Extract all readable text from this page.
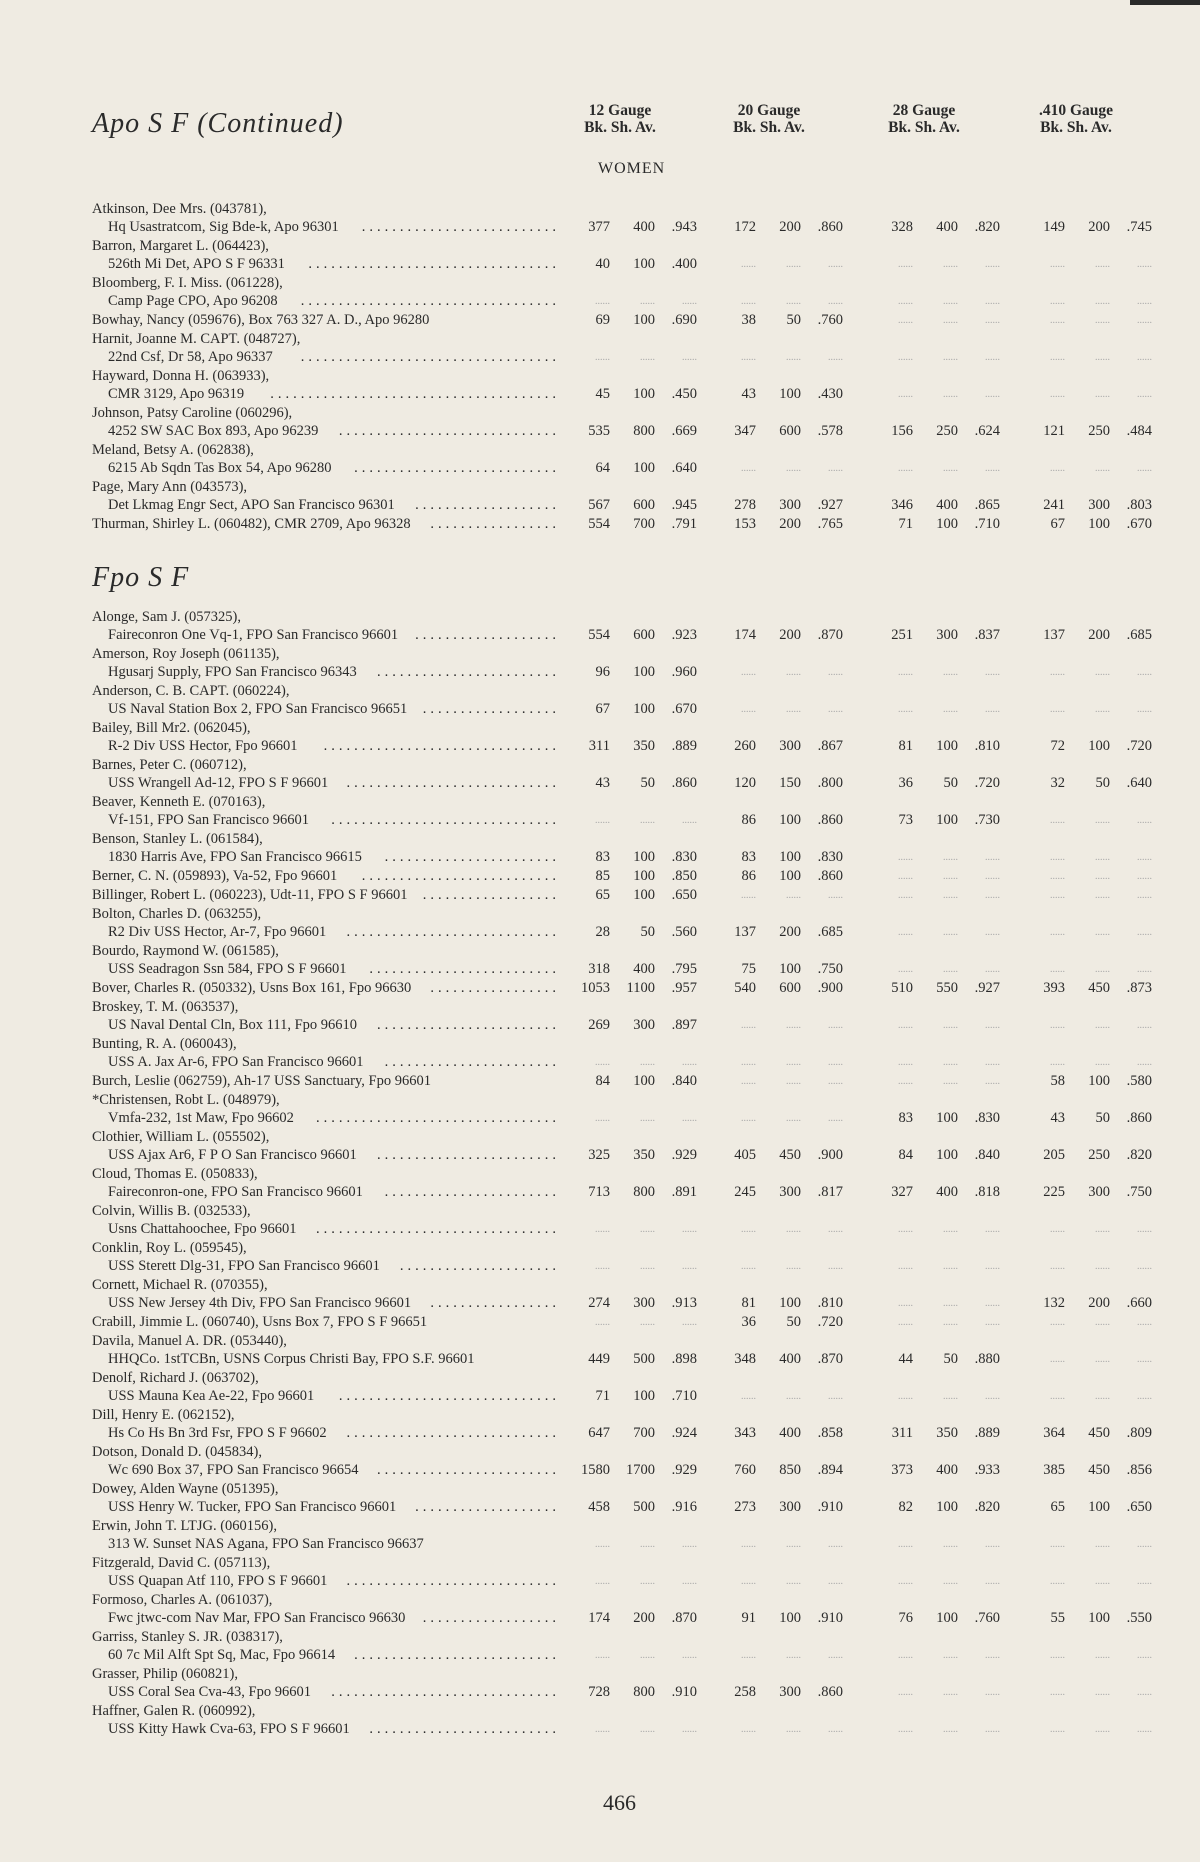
Apo S F (Continued)	12 Gauge
Bk. Sh. Av.
20 Gauge
Bk. Sh. Av.
28 Gauge
Bk. Sh. Av.
.410 Gauge
Bk. Sh. Av.
WOMEN
Atkinson, Dee Mrs. (043781),
Hq Usastratcom, Sig Bde-k, Apo 96301 ..........................	377	400	.943	172	200	.860	328	400	.820	149	200	.745
Barron, Margaret L. (064423),
526th Mi Det, APO S F 96331 .................................	40	100	.400	......	......	......	......	......	......	......	......	......
Bloomberg, F. I. Miss. (061228),
Camp Page CPO, Apo 96208 ..................................	......	......	......	......	......	......	......	......	......	......	......	......
Bowhay, Nancy (059676), Box 763 327 A. D., Apo 96280	69	100	.690	38	50	.760	......	......	......	......	......	......
Harnit, Joanne M. CAPT. (048727),
22nd Csf, Dr 58, Apo 96337 ..................................	......	......	......	......	......	......	......	......	......	......	......	......
Hayward, Donna H. (063933),
CMR 3129, Apo 96319 ......................................	45	100	.450	43	100	.430	......	......	......	......	......	......
Johnson, Patsy Caroline (060296),
4252 SW SAC Box 893, Apo 96239 .............................	535	800	.669	347	600	.578	156	250	.624	121	250	.484
Meland, Betsy A. (062838),
6215 Ab Sqdn Tas Box 54, Apo 96280 ...........................	64	100	.640	......	......	......	......	......	......	......	......	......
Page, Mary Ann (043573),
Det Lkmag Engr Sect, APO San Francisco 96301 ...................	567	600	.945	278	300	.927	346	400	.865	241	300	.803
Thurman, Shirley L. (060482), CMR 2709, Apo 96328 .................	554	700	.791	153	200	.765	71	100	.710	67	100	.670
Fpo S F
Alonge, Sam J. (057325),
Faireconron One Vq-1, FPO San Francisco 96601 ...................	554	600	.923	174	200	.870	251	300	.837	137	200	.685
Amerson, Roy Joseph (061135),
Hgusarj Supply, FPO San Francisco 96343 ........................	96	100	.960	......	......	......	......	......	......	......	......	......
Anderson, C. B. CAPT. (060224),
US Naval Station Box 2, FPO San Francisco 96651 ..................	67	100	.670	......	......	......	......	......	......	......	......	......
Bailey, Bill Mr2. (062045),
R-2 Div USS Hector, Fpo 96601 ...............................	311	350	.889	260	300	.867	81	100	.810	72	100	.720
Barnes, Peter C. (060712),
USS Wrangell Ad-12, FPO S F 96601 ............................	43	50	.860	120	150	.800	36	50	.720	32	50	.640
Beaver, Kenneth E. (070163),
Vf-151, FPO San Francisco 96601 ..............................	......	......	......	86	100	.860	73	100	.730	......	......	......
Benson, Stanley L. (061584),
1830 Harris Ave, FPO San Francisco 96615 .......................	83	100	.830	83	100	.830	......	......	......	......	......	......
Berner, C. N. (059893), Va-52, Fpo 96601 ..........................	85	100	.850	86	100	.860	......	......	......	......	......	......
Billinger, Robert L. (060223), Udt-11, FPO S F 96601 ..................	65	100	.650	......	......	......	......	......	......	......	......	......
Bolton, Charles D. (063255),
R2 Div USS Hector, Ar-7, Fpo 96601 ............................	28	50	.560	137	200	.685	......	......	......	......	......	......
Bourdo, Raymond W. (061585),
USS Seadragon Ssn 584, FPO S F 96601 .........................	318	400	.795	75	100	.750	......	......	......	......	......	......
Bover, Charles R. (050332), Usns Box 161, Fpo 96630 .................	1053	1100	.957	540	600	.900	510	550	.927	393	450	.873
Broskey, T. M. (063537),
US Naval Dental Cln, Box 111, Fpo 96610 ........................	269	300	.897	......	......	......	......	......	......	......	......	......
Bunting, R. A. (060043),
USS A. Jax Ar-6, FPO San Francisco 96601 .......................	......	......	......	......	......	......	......	......	......	......	......	......
Burch, Leslie (062759), Ah-17 USS Sanctuary, Fpo 96601	84	100	.840	......	......	......	......	......	......	58	100	.580
*Christensen, Robt L. (048979),
Vmfa-232, 1st Maw, Fpo 96602 ................................	......	......	......	......	......	......	83	100	.830	43	50	.860
Clothier, William L. (055502),
USS Ajax Ar6, F P O San Francisco 96601 ........................	325	350	.929	405	450	.900	84	100	.840	205	250	.820
Cloud, Thomas E. (050833),
Faireconron-one, FPO San Francisco 96601 .......................	713	800	.891	245	300	.817	327	400	.818	225	300	.750
Colvin, Willis B. (032533),
Usns Chattahoochee, Fpo 96601 ................................	......	......	......	......	......	......	......	......	......	......	......	......
Conklin, Roy L. (059545),
USS Sterett Dlg-31, FPO San Francisco 96601 .....................	......	......	......	......	......	......	......	......	......	......	......	......
Cornett, Michael R. (070355),
USS New Jersey 4th Div, FPO San Francisco 96601 .................	274	300	.913	81	100	.810	......	......	......	132	200	.660
Crabill, Jimmie L. (060740), Usns Box 7, FPO S F 96651	......	......	......	36	50	.720	......	......	......	......	......	......
Davila, Manuel A. DR. (053440),
HHQCo. 1stTCBn, USNS Corpus Christi Bay, FPO S.F. 96601	449	500	.898	348	400	.870	44	50	.880	......	......	......
Denolf, Richard J. (063702),
USS Mauna Kea Ae-22, Fpo 96601 .............................	71	100	.710	......	......	......	......	......	......	......	......	......
Dill, Henry E. (062152),
Hs Co Hs Bn 3rd Fsr, FPO S F 96602 ............................	647	700	.924	343	400	.858	311	350	.889	364	450	.809
Dotson, Donald D. (045834),
Wc 690 Box 37, FPO San Francisco 96654 ........................	1580	1700	.929	760	850	.894	373	400	.933	385	450	.856
Dowey, Alden Wayne (051395),
USS Henry W. Tucker, FPO San Francisco 96601 ...................	458	500	.916	273	300	.910	82	100	.820	65	100	.650
Erwin, John T. LTJG. (060156),
313 W. Sunset NAS Agana, FPO San Francisco 96637	......	......	......	......	......	......	......	......	......	......	......	......
Fitzgerald, David C. (057113),
USS Quapan Atf 110, FPO S F 96601 ............................	......	......	......	......	......	......	......	......	......	......	......	......
Formoso, Charles A. (061037),
Fwc jtwc-com Nav Mar, FPO San Francisco 96630 ..................	174	200	.870	91	100	.910	76	100	.760	55	100	.550
Garriss, Stanley S. JR. (038317),
60 7c Mil Alft Spt Sq, Mac, Fpo 96614 ...........................	......	......	......	......	......	......	......	......	......	......	......	......
Grasser, Philip (060821),
USS Coral Sea Cva-43, Fpo 96601 ..............................	728	800	.910	258	300	.860	......	......	......	......	......	......
Haffner, Galen R. (060992),
USS Kitty Hawk Cva-63, FPO S F 96601 .........................	......	......	......	......	......	......	......	......	......	......	......	......
466
